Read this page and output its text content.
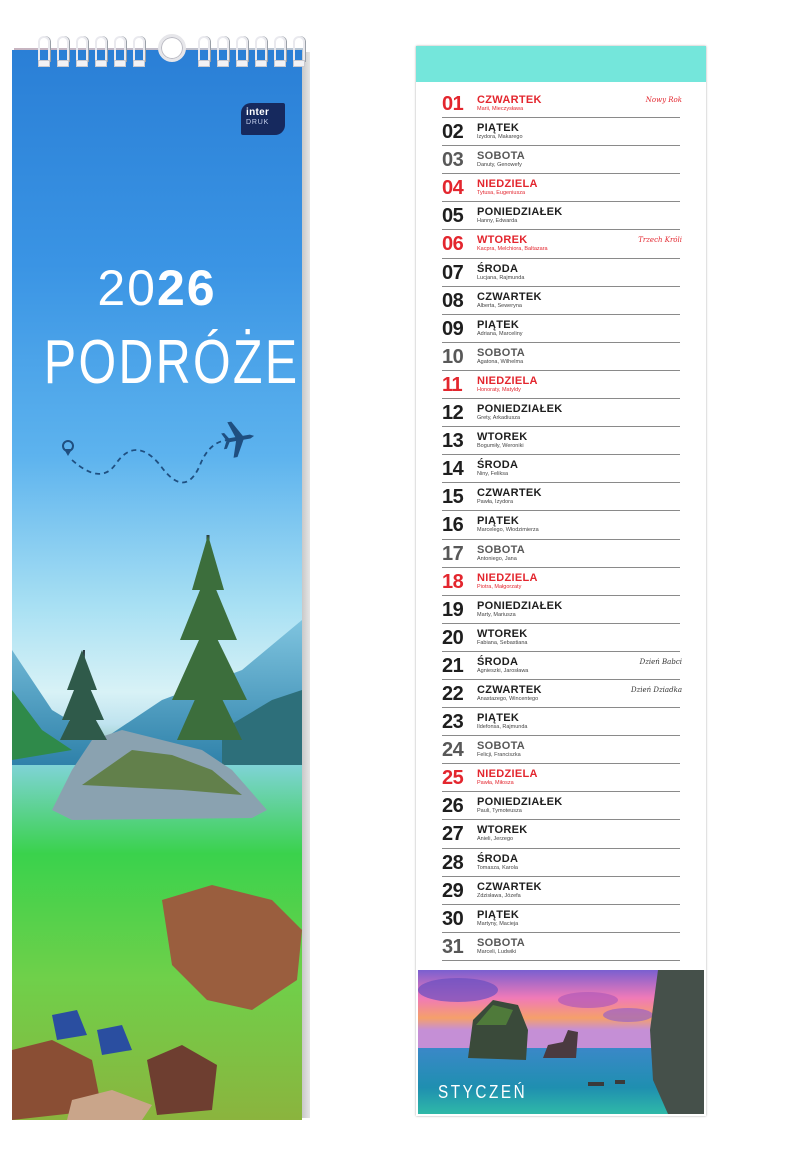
2026
PODRÓŻE
inter
DRUK
01 CZWARTEK
Marii, Mieczysława
Nowy Rok
02 PIĄTEK
Izydora, Makarego
03 SOBOTA
Danuty, Genowefy
04 NIEDZIELA
Tytusa, Eugeniusza
05 PONIEDZIAŁEK
Hanny, Edwarda
06 WTOREK
Kacpra, Melchiora, Baltazara
Trzech Króli
07 ŚRODA
Lucjana, Rajmunda
08 CZWARTEK
Alberta, Seweryna
09 PIĄTEK
Adriana, Marceliny
10 SOBOTA
Agatona, Wilhelma
11 NIEDZIELA
Honoraty, Matyldy
12 PONIEDZIAŁEK
Grety, Arkadiusza
13 WTOREK
Bogumiły, Weroniki
14 ŚRODA
Niny, Feliksa
15 CZWARTEK
Pawła, Izydora
16 PIĄTEK
Marcelego, Włodzimierza
17 SOBOTA
Antoniego, Jana
18 NIEDZIELA
Piotra, Małgorzaty
19 PONIEDZIAŁEK
Marty, Mariusza
20 WTOREK
Fabiana, Sebastiana
21 ŚRODA
Agnieszki, Jarosława
Dzień Babci
22 CZWARTEK
Anastazego, Wincentego
Dzień Dziadka
23 PIĄTEK
Ildefonsa, Rajmunda
24 SOBOTA
Felicji, Franciszka
25 NIEDZIELA
Pawła, Miłosza
26 PONIEDZIAŁEK
Pauli, Tymoteusza
27 WTOREK
Anieli, Jerzego
28 ŚRODA
Tomasza, Karola
29 CZWARTEK
Zdzisława, Józefa
30 PIĄTEK
Martyny, Macieja
31 SOBOTA
Marceli, Ludwiki
STYCZEŃ
